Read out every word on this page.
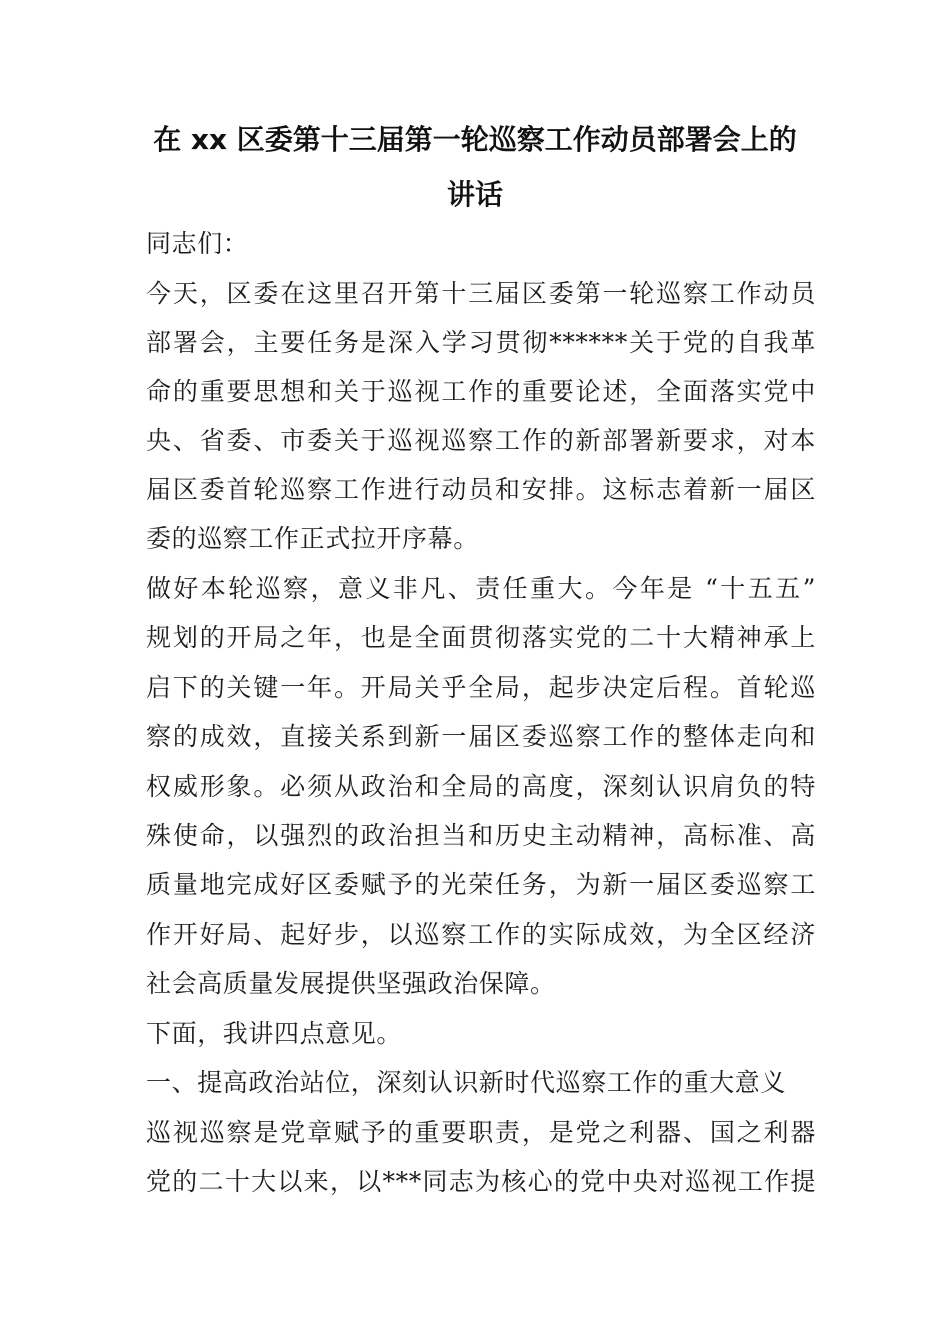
在 xx 区委第十三届第一轮巡察工作动员部署会上的
讲话
同志们：
今天，区委在这里召开第十三届区委第一轮巡察工作动员
部署会，主要任务是深入学习贯彻******关于党的自我革
命的重要思想和关于巡视工作的重要论述，全面落实党中
央、省委、市委关于巡视巡察工作的新部署新要求，对本
届区委首轮巡察工作进行动员和安排。这标志着新一届区
委的巡察工作正式拉开序幕。
做好本轮巡察，意义非凡、责任重大。今年是 “十五五”
规划的开局之年，也是全面贯彻落实党的二十大精神承上
启下的关键一年。开局关乎全局，起步决定后程。首轮巡
察的成效，直接关系到新一届区委巡察工作的整体走向和
权威形象。必须从政治和全局的高度，深刻认识肩负的特
殊使命，以强烈的政治担当和历史主动精神，高标准、高
质量地完成好区委赋予的光荣任务，为新一届区委巡察工
作开好局、起好步，以巡察工作的实际成效，为全区经济
社会高质量发展提供坚强政治保障。
下面，我讲四点意见。
一、提高政治站位，深刻认识新时代巡察工作的重大意义
巡视巡察是党章赋予的重要职责，是党之利器、国之利器
党的二十大以来，以***同志为核心的党中央对巡视工作提
